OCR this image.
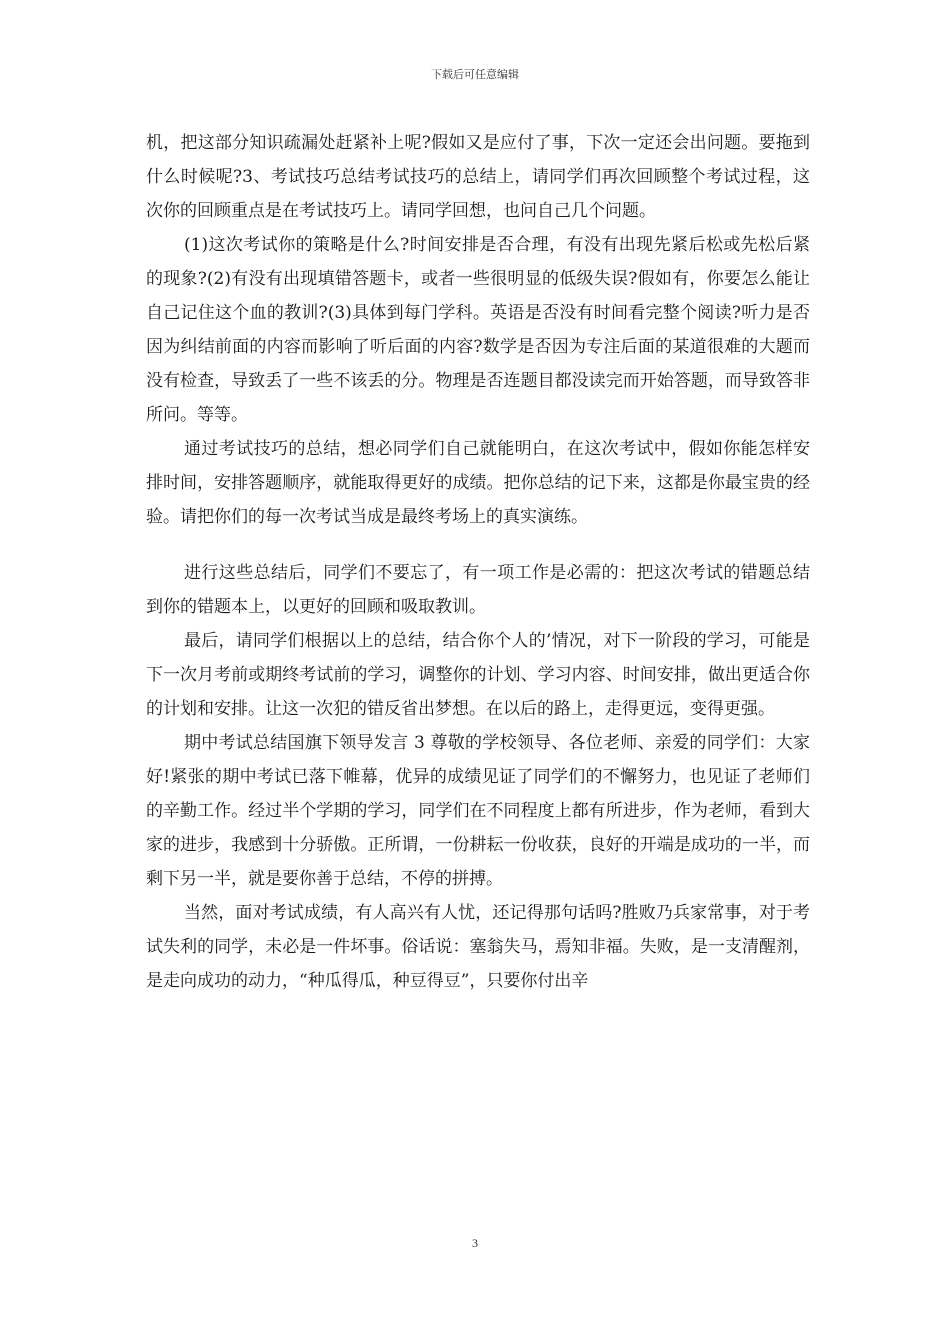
下载后可任意编辑

机，把这部分知识疏漏处赶紧补上呢?假如又是应付了事，下次一定还会出问题。要拖到什么时候呢?3、考试技巧总结考试技巧的总结上，请同学们再次回顾整个考试过程，这次你的回顾重点是在考试技巧上。请同学回想，也问自己几个问题。

(1)这次考试你的策略是什么?时间安排是否合理，有没有出现先紧后松或先松后紧的现象?(2)有没有出现填错答题卡，或者一些很明显的低级失误?假如有，你要怎么能让自己记住这个血的教训?(3)具体到每门学科。英语是否没有时间看完整个阅读?听力是否因为纠结前面的内容而影响了听后面的内容?数学是否因为专注后面的某道很难的大题而没有检查，导致丢了一些不该丢的分。物理是否连题目都没读完而开始答题，而导致答非所问。等等。

通过考试技巧的总结，想必同学们自己就能明白，在这次考试中，假如你能怎样安排时间，安排答题顺序，就能取得更好的成绩。把你总结的记下来，这都是你最宝贵的经验。请把你们的每一次考试当成是最终考场上的真实演练。

进行这些总结后，同学们不要忘了，有一项工作是必需的：把这次考试的错题总结到你的错题本上，以更好的回顾和吸取教训。

最后，请同学们根据以上的总结，结合你个人的’情况，对下一阶段的学习，可能是下一次月考前或期终考试前的学习，调整你的计划、学习内容、时间安排，做出更适合你的计划和安排。让这一次犯的错反省出梦想。在以后的路上，走得更远，变得更强。

期中考试总结国旗下领导发言 3 尊敬的学校领导、各位老师、亲爱的同学们：大家好!紧张的期中考试已落下帷幕，优异的成绩见证了同学们的不懈努力，也见证了老师们的辛勤工作。经过半个学期的学习，同学们在不同程度上都有所进步，作为老师，看到大家的进步，我感到十分骄傲。正所谓，一份耕耘一份收获，良好的开端是成功的一半，而剩下另一半，就是要你善于总结，不停的拼搏。

当然，面对考试成绩，有人高兴有人忧，还记得那句话吗?胜败乃兵家常事，对于考试失利的同学，未必是一件坏事。俗话说：塞翁失马，焉知非福。失败，是一支清醒剂，是走向成功的动力，“种瓜得瓜，种豆得豆”，只要你付出辛

3
